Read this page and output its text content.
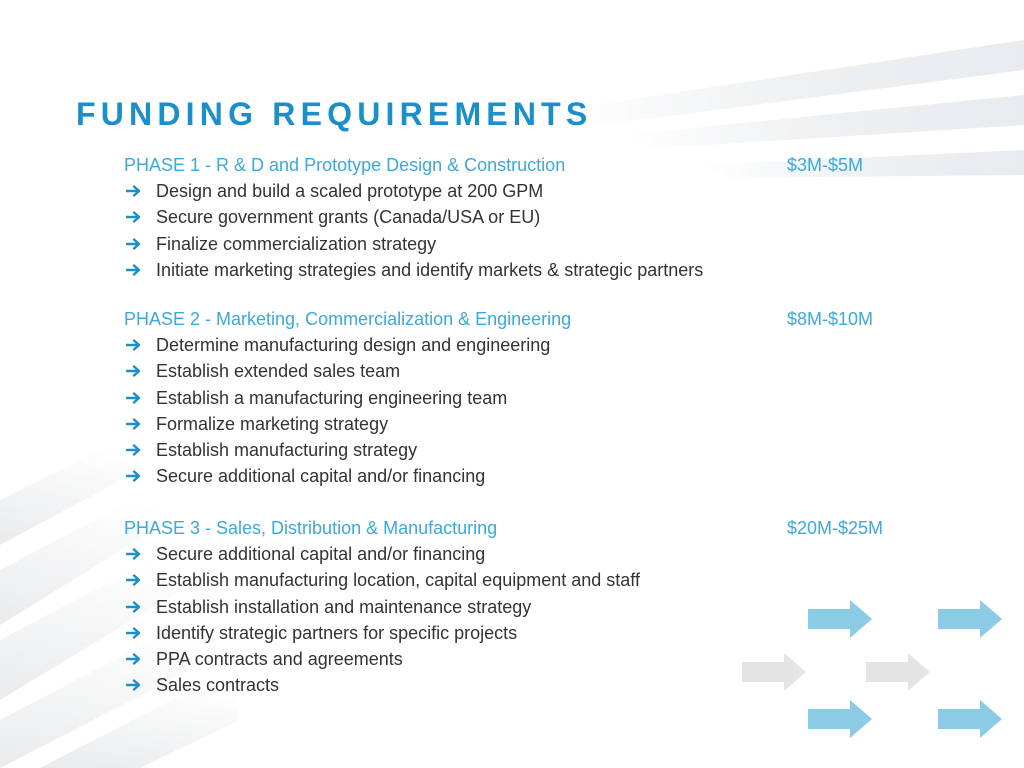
FUNDING REQUIREMENTS
PHASE 1 - R & D and Prototype Design & Construction	$3M-$5M
Design and build a scaled prototype at 200 GPM
Secure government grants (Canada/USA or EU)
Finalize commercialization strategy
Initiate marketing strategies and identify markets & strategic partners
PHASE 2 - Marketing, Commercialization & Engineering	$8M-$10M
Determine manufacturing design and engineering
Establish extended sales team
Establish a manufacturing engineering team
Formalize marketing strategy
Establish manufacturing strategy
Secure additional capital and/or financing
PHASE 3 - Sales, Distribution & Manufacturing	$20M-$25M
Secure additional capital and/or financing
Establish manufacturing location, capital equipment and staff
Establish installation and maintenance strategy
Identify strategic partners for specific projects
PPA contracts and agreements
Sales contracts
